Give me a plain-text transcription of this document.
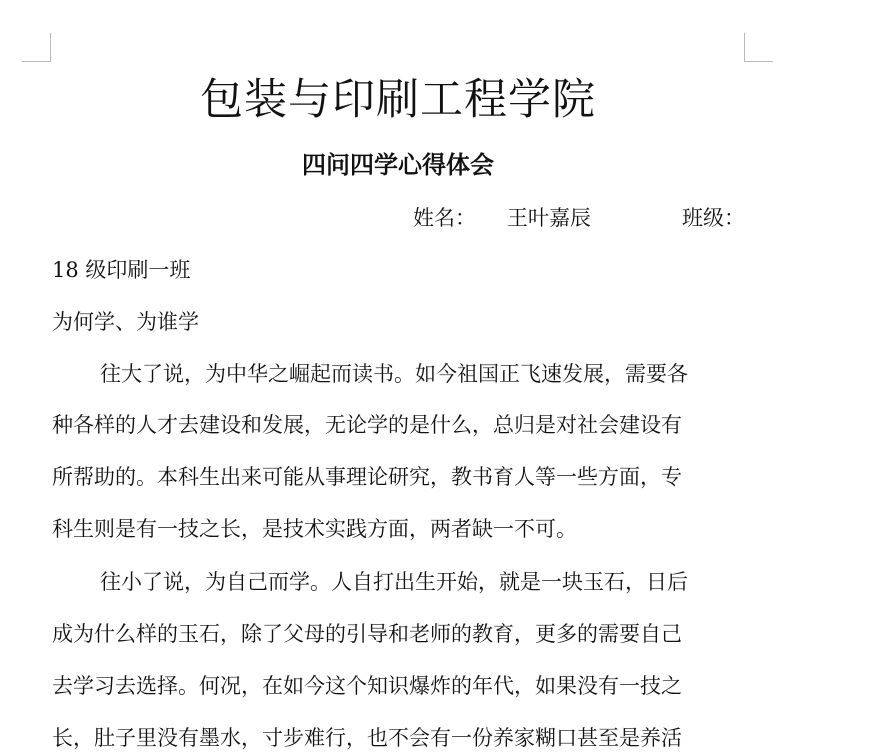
包装与印刷工程学院
四问四学心得体会
姓名： 王叶嘉辰	班级：
18 级印刷一班
为何学、为谁学
往大了说，为中华之崛起而读书。如今祖国正飞速发展，需要各
种各样的人才去建设和发展，无论学的是什么，总归是对社会建设有
所帮助的。本科生出来可能从事理论研究，教书育人等一些方面，专
科生则是有一技之长，是技术实践方面，两者缺一不可。
往小了说，为自己而学。人自打出生开始，就是一块玉石，日后
成为什么样的玉石，除了父母的引导和老师的教育，更多的需要自己
去学习去选择。何况，在如今这个知识爆炸的年代，如果没有一技之
长，肚子里没有墨水，寸步难行，也不会有一份养家糊口甚至是养活
